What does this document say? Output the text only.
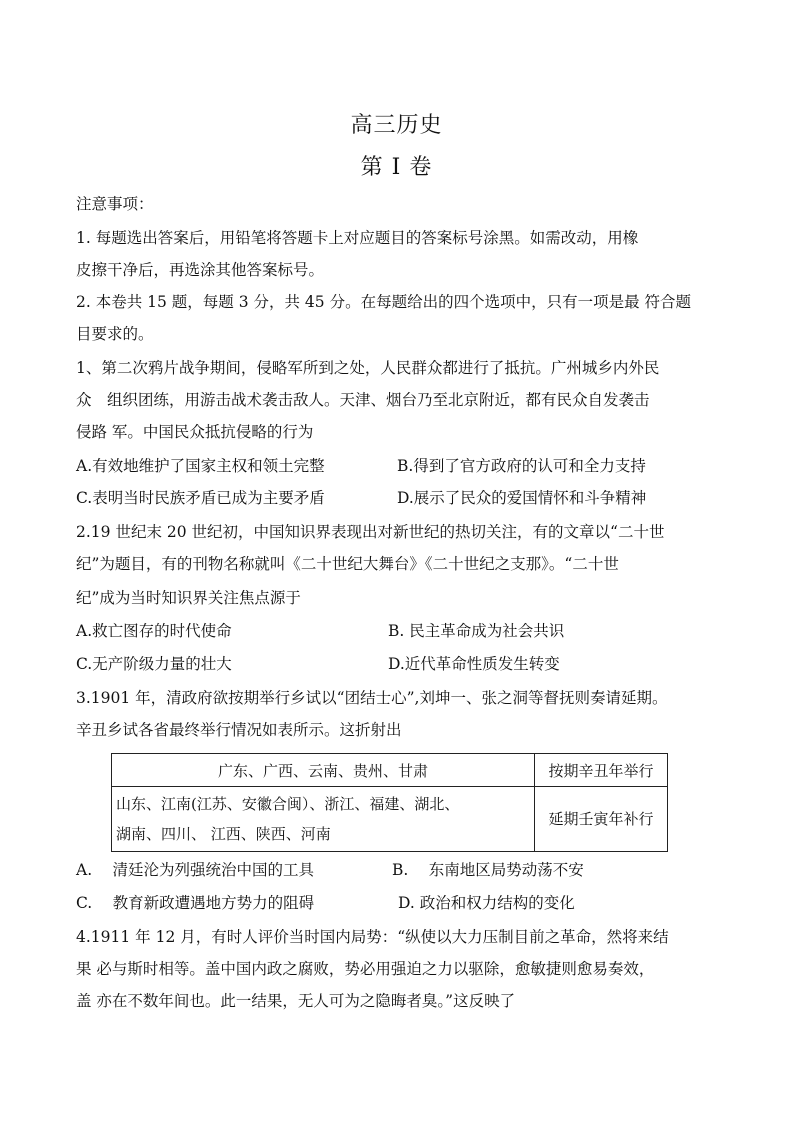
高三历史
第 I 卷
注意事项：
1. 每题选出答案后，用铅笔将答题卡上对应题目的答案标号涂黑。如需改动，用橡
皮擦干净后，再选涂其他答案标号。
2. 本卷共 15 题，每题 3 分，共 45 分。在每题给出的四个选项中，只有一项是最 符合题
目要求的。
1、第二次鸦片战争期间，侵略军所到之处，人民群众都进行了抵抗。广州城乡内外民
众　组织团练，用游击战术袭击敌人。天津、烟台乃至北京附近，都有民众自发袭击
侵路 军。中国民众抵抗侵略的行为
A.有效地维护了国家主权和领土完整	B.得到了官方政府的认可和全力支持
C.表明当时民族矛盾已成为主要矛盾	D.展示了民众的爱国情怀和斗争精神
2.19 世纪末 20 世纪初，中国知识界表现出对新世纪的热切关注，有的文章以“二十世
纪”为题目，有的刊物名称就叫《二十世纪大舞台》《二十世纪之支那》。“二十世
纪”成为当时知识界关注焦点源于
A.救亡图存的时代使命	B. 民主革命成为社会共识
C.无产阶级力量的壮大	D.近代革命性质发生转变
3.1901 年，清政府欲按期举行乡试以“团结士心”,刘坤一、张之洞等督抚则奏请延期。
辛丑乡试各省最终举行情况如表所示。这折射出
广东、广西、云南、贵州、甘肃	按期辛丑年举行

山东、江南(江苏、安徽合闽）、浙江、福建、湖北、
湖南、四川、 江西、陕西、河南	延期壬寅年补行
A.　 清廷沦为列强统治中国的工具	B.　 东南地区局势动荡不安
C.　 教育新政遭遇地方势力的阻碍	D. 政治和权力结构的变化
4.1911 年 12 月，有时人评价当时国内局势：“纵使以大力压制目前之革命，然将来结
果 必与斯时相等。盖中国内政之腐败，势必用强迫之力以驱除，愈敏捷则愈易奏效，
盖 亦在不数年间也。此一结果，无人可为之隐晦者臭。”这反映了
